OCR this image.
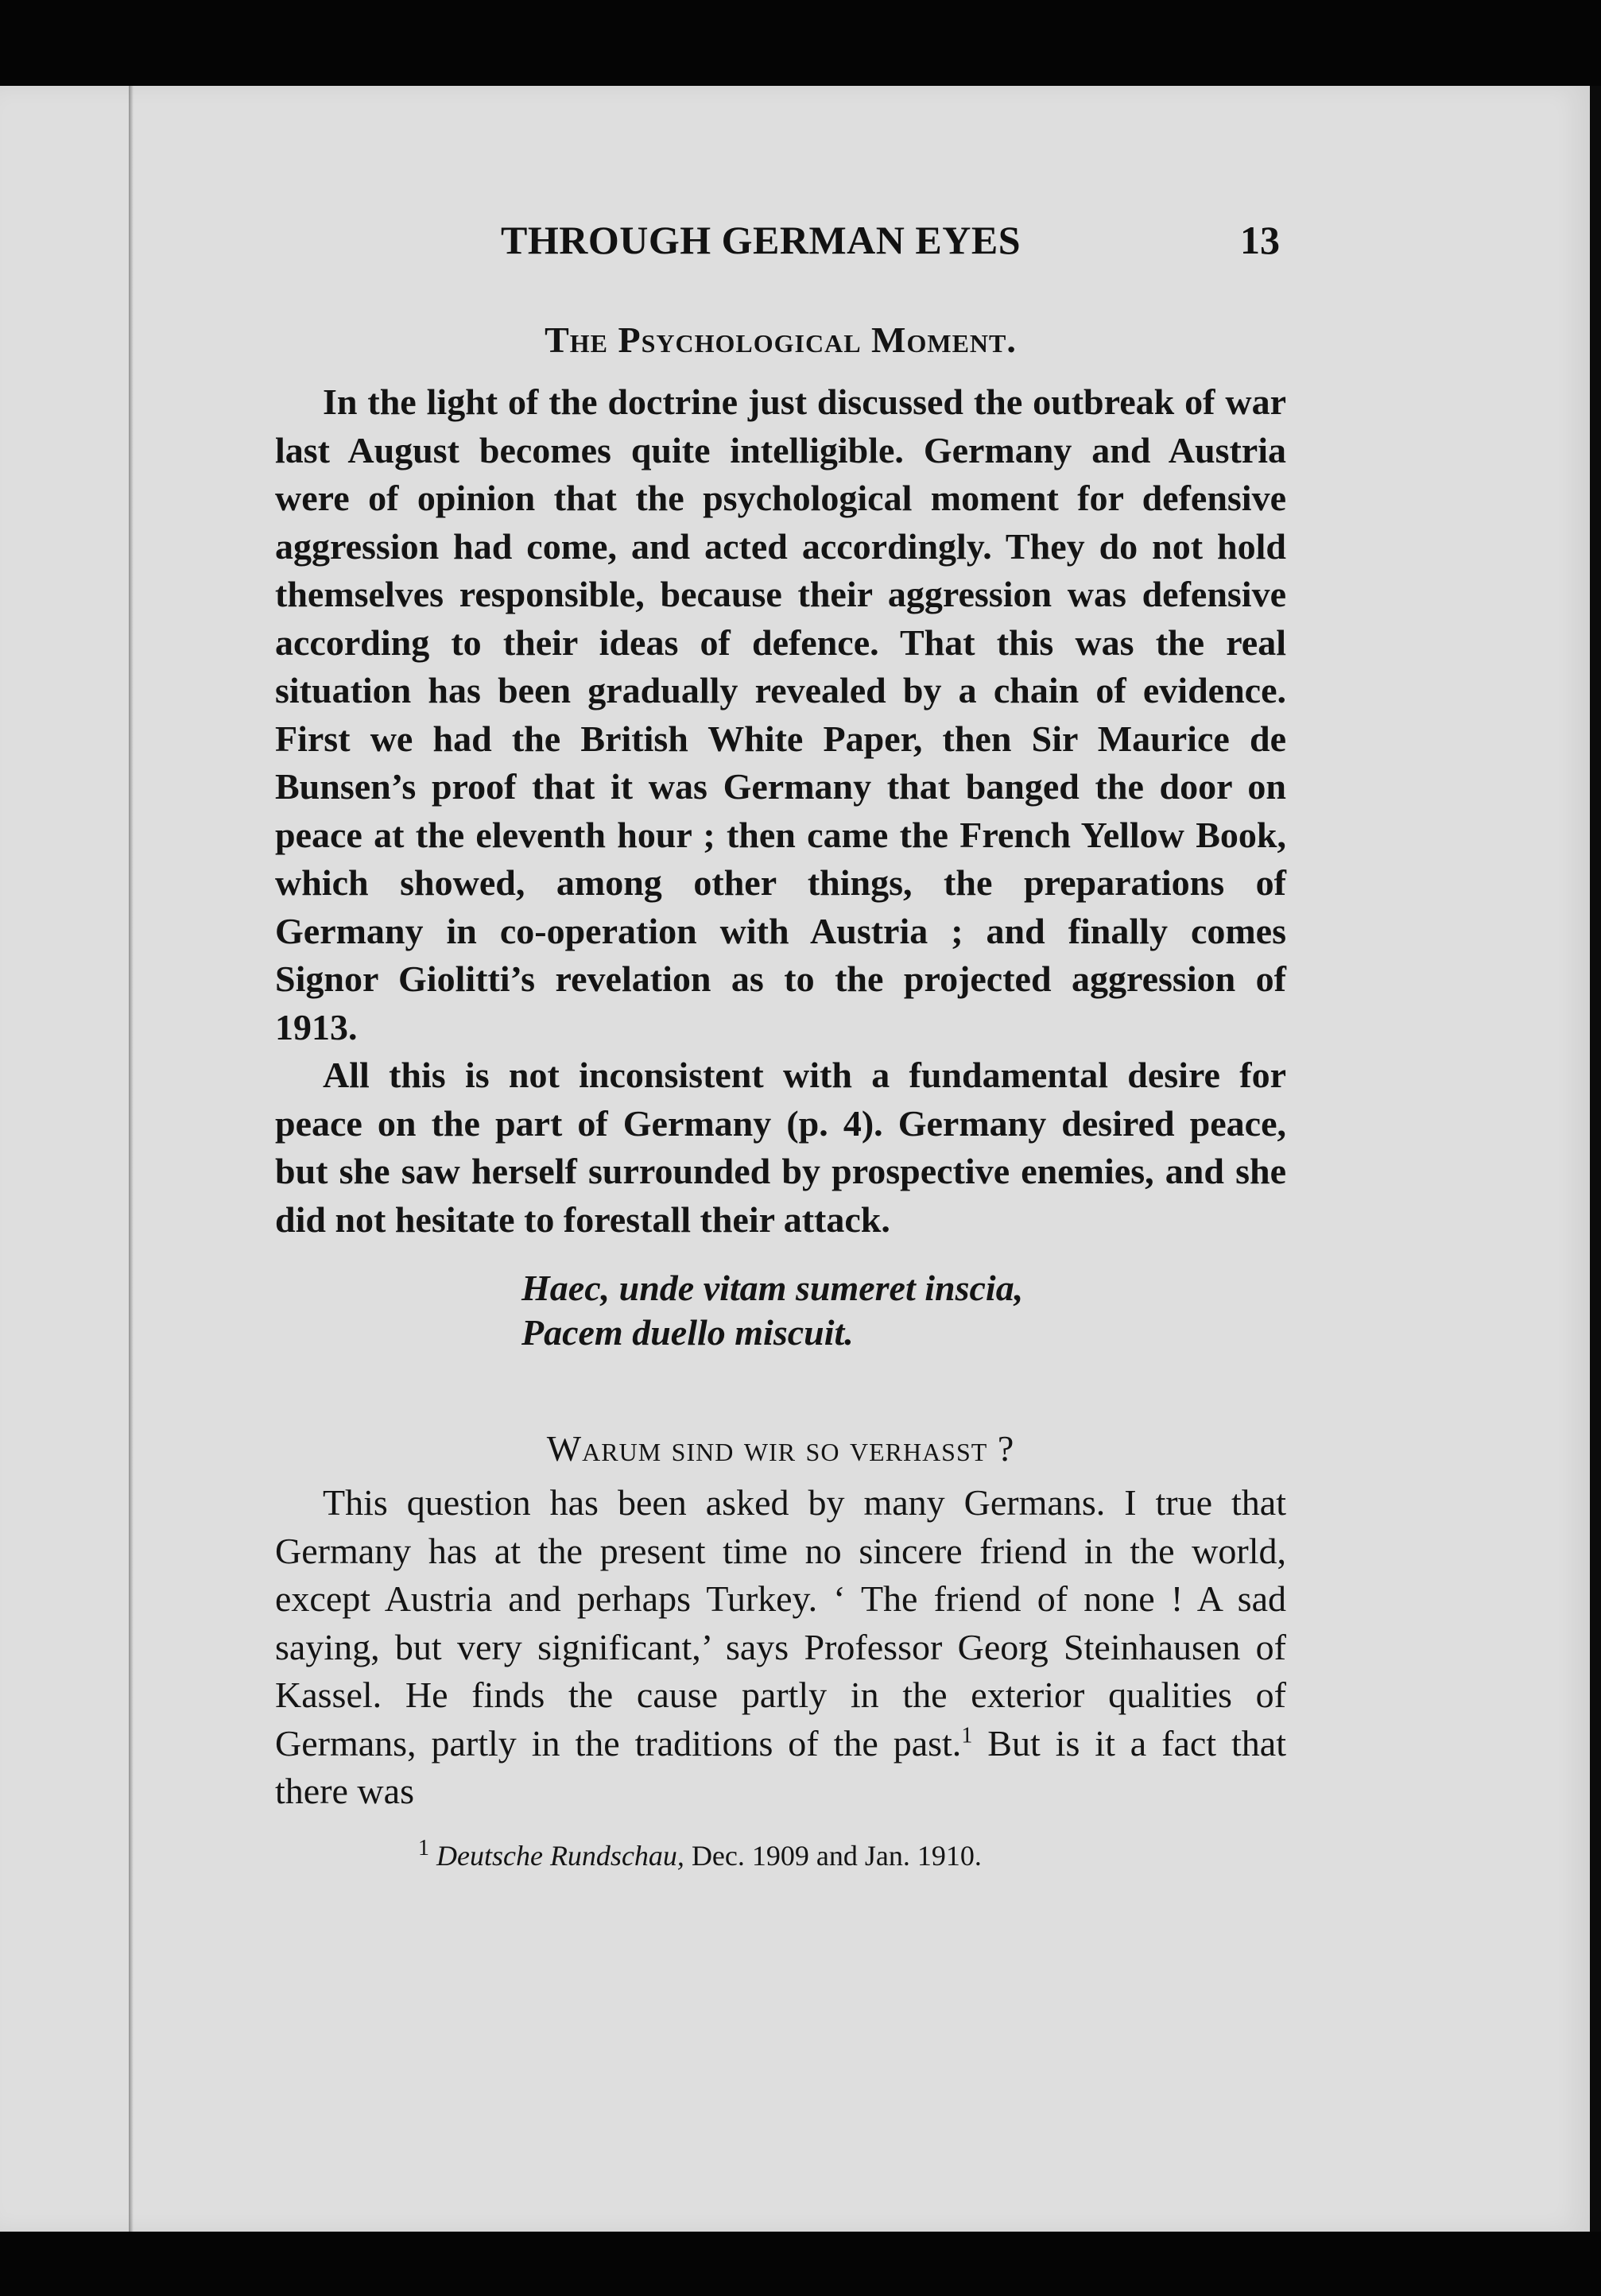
THROUGH GERMAN EYES	13
The Psychological Moment.

In the light of the doctrine just discussed the outbreak of war last August becomes quite intelligible. Germany and Austria were of opinion that the psychological moment for defensive aggression had come, and acted accordingly. They do not hold themselves responsible, because their aggression was defensive according to their ideas of defence. That this was the real situation has been gradually revealed by a chain of evidence. First we had the British White Paper, then Sir Maurice de Bunsen’s proof that it was Germany that banged the door on peace at the eleventh hour ; then came the French Yellow Book, which showed, among other things, the preparations of Germany in co-operation with Austria ; and finally comes Signor Giolitti’s revelation as to the projected aggression of 1913.

All this is not inconsistent with a fundamental desire for peace on the part of Germany (p. 4). Germany desired peace, but she saw herself surrounded by prospective enemies, and she did not hesitate to forestall their attack.

Haec, unde vitam sumeret inscia,
Pacem duello miscuit.
Warum sind wir so verhasst ?

This question has been asked by many Germans. I true that Germany has at the present time no sincere friend in the world, except Austria and perhaps Turkey. ‘ The friend of none ! A sad saying, but very significant,’ says Professor Georg Steinhausen of Kassel. He finds the cause partly in the exterior qualities of Germans, partly in the traditions of the past.$^1$ But is it a fact that there was

$^1$ Deutsche Rundschau, Dec. 1909 and Jan. 1910.
